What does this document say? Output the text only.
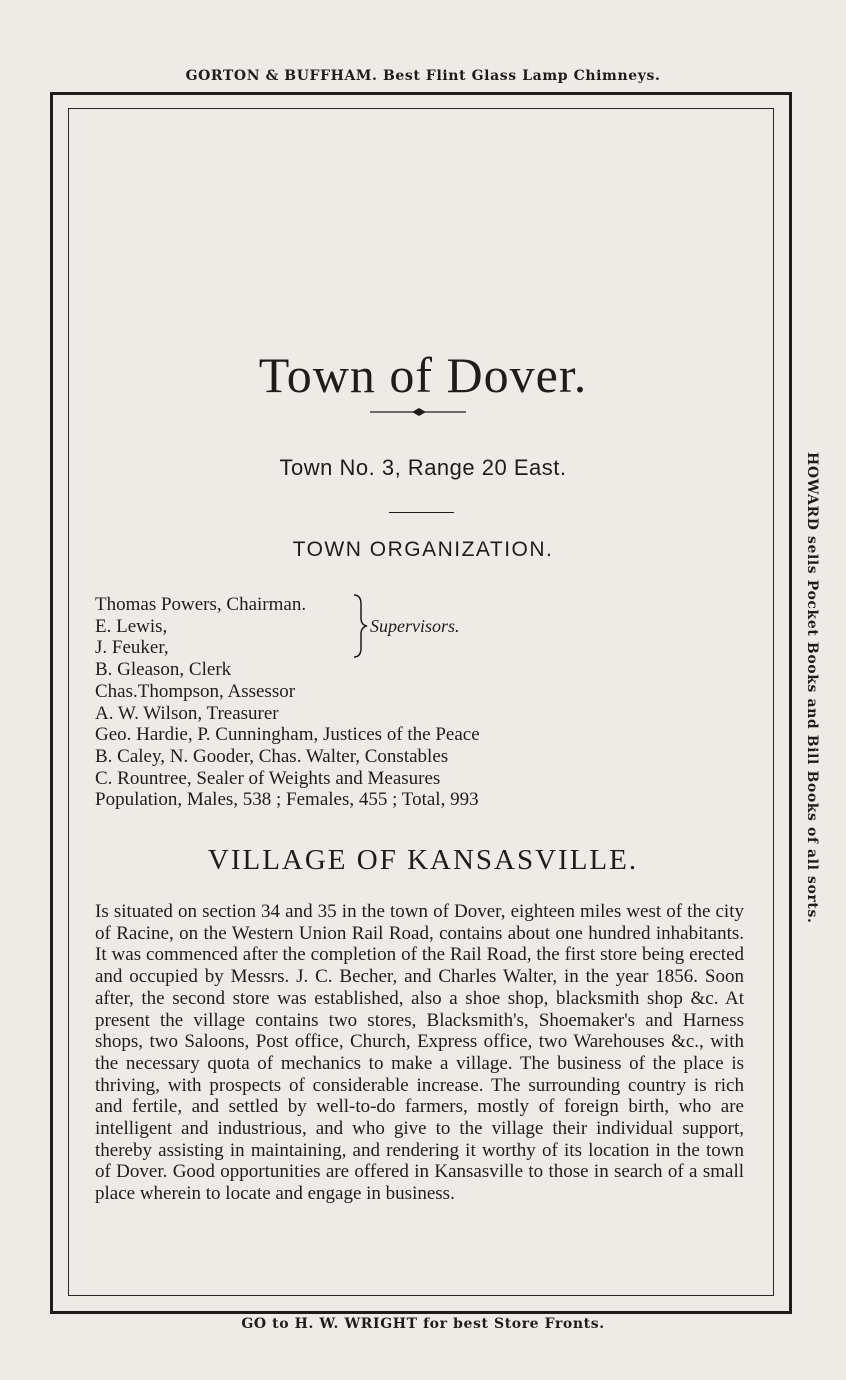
GORTON & BUFFHAM. Best Flint Glass Lamp Chimneys.
HOWARD sells Pocket Books and Bill Books of all sorts.
Town of Dover.
Town No. 3, Range 20 East.
TOWN ORGANIZATION.
Thomas Powers, Chairman.
E. Lewis,
J. Feuker,
B. Gleason, Clerk
Chas.Thompson, Assessor
A. W. Wilson, Treasurer
Geo. Hardie, P. Cunningham, Justices of the Peace
B. Caley, N. Gooder, Chas. Walter, Constables
C. Rountree, Sealer of Weights and Measures
Population, Males, 538 ; Females, 455 ; Total, 993
Supervisors.
VILLAGE OF KANSASVILLE.

Is situated on section 34 and 35 in the town of Dover, eighteen miles west of the city of Racine, on the Western Union Rail Road, contains about one hundred inhabitants. It was commenced after the completion of the Rail Road, the first store being erected and occupied by Messrs. J. C. Becher, and Charles Walter, in the year 1856. Soon after, the second store was established, also a shoe shop, blacksmith shop &c. At present the village contains two stores, Blacksmith's, Shoemaker's and Harness shops, two Saloons, Post office, Church, Express office, two Warehouses &c., with the necessary quota of mechanics to make a village. The business of the place is thriving, with prospects of considerable increase. The surrounding country is rich and fertile, and settled by well-to-do farmers, mostly of foreign birth, who are intelligent and industrious, and who give to the village their individual support, thereby assisting in maintaining, and rendering it worthy of its location in the town of Dover. Good opportunities are offered in Kansasville to those in search of a small place wherein to locate and engage in business.

GO to H. W. WRIGHT for best Store Fronts.
